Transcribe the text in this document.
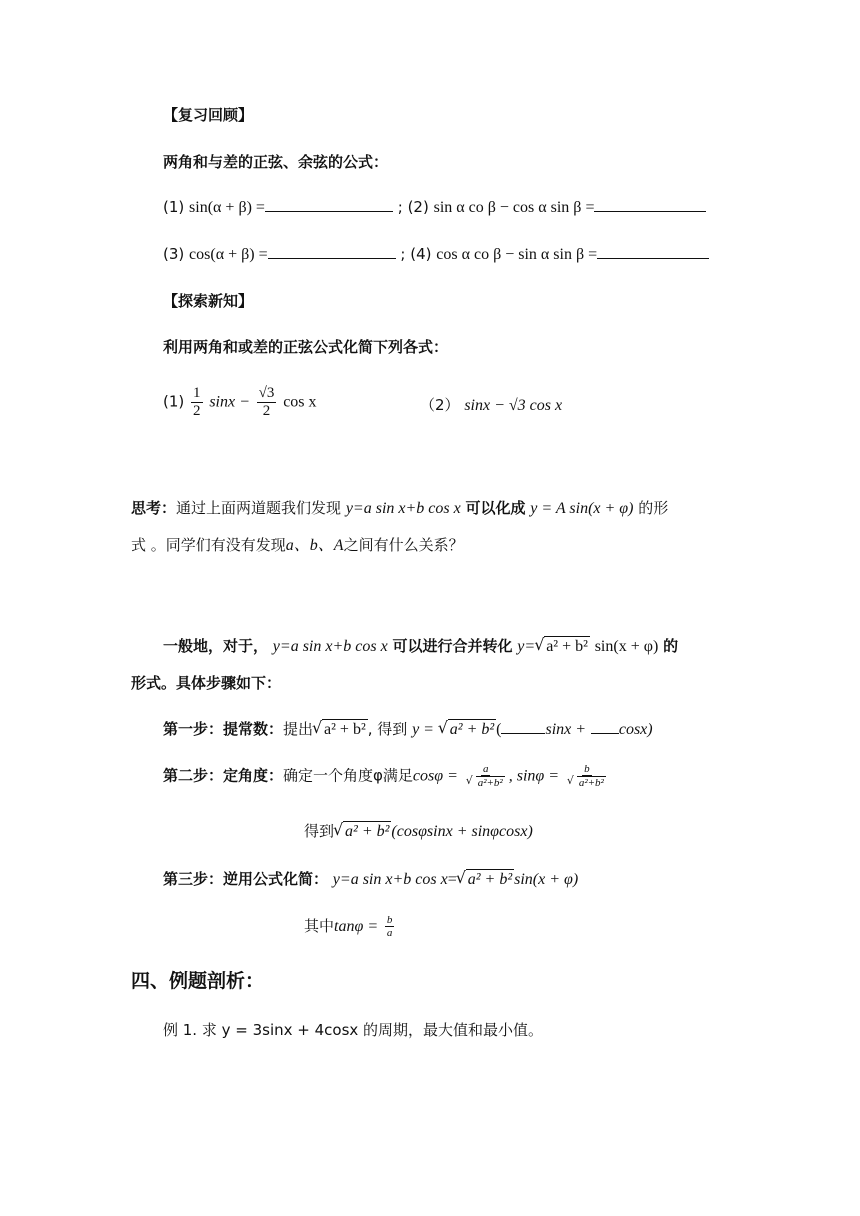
【复习回顾】
两角和与差的正弦、余弦的公式：
(1) sin(α + β) =	; (2) sin α co β − cos α sin β =
(3) cos(α + β) =	; (4) cos α co β − sin α sin β =
【探索新知】
利用两角和或差的正弦公式化简下列各式：
$(1) \frac{1}{2}$ $\sin x - \frac{√3}{2}$ cos x	（2） sinx − √3 cos x
思考：通过上面两道题我们发现 y=a sin x+b cos x 可以化成 y = A sin(x + φ) 的形
式 。同学们有没有发现a、b、A之间有什么关系？
一般地，对于， y=a sin x+b cos x 可以进行合并转化 y= √ a² + b² sin(x + φ) 的
形式。具体步骤如下：
第一步：提常数：提出 √ a² + b² , 得到 y = √ a² + b² (	sinx + cosx)
第二步：定角度：确定一个角度φ满足cosφ = a
√ a²+b² , sinφ = b
√ a²+b²
得到 √ a² + b² (cosφsinx + sinφcosx)
第三步：逆用公式化简： y=a sin x+b cos x= √ a² + b² sin(x + φ)
其中$\tan\varphi = \frac{b}{a}$
四、例题剖析：
例 1. 求 y = 3sinx + 4cosx 的周期，最大值和最小值。
